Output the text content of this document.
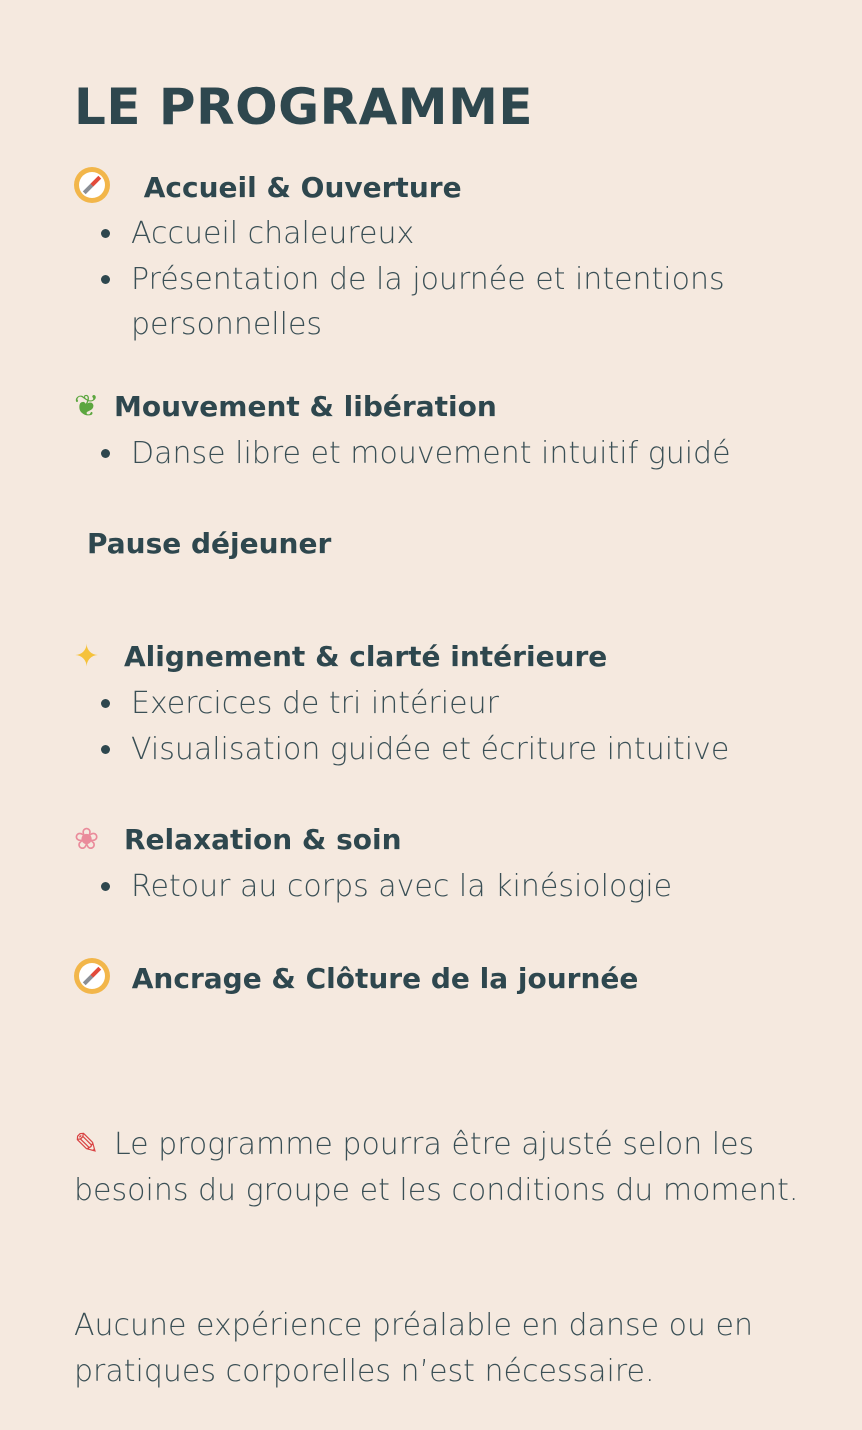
LE PROGRAMME
Accueil & Ouverture
Accueil chaleureux
Présentation de la journée et intentions personnelles
❦ Mouvement & libération
Danse libre et mouvement intuitif guidé
Pause déjeuner
✦ Alignement & clarté intérieure
Exercices de tri intérieur
Visualisation guidée et écriture intuitive
❀ Relaxation & soin
Retour au corps avec la kinésiologie
Ancrage & Clôture de la journée

✎ Le programme pourra être ajusté selon les besoins du groupe et les conditions du moment.

Aucune expérience préalable en danse ou en pratiques corporelles n’est nécessaire.
